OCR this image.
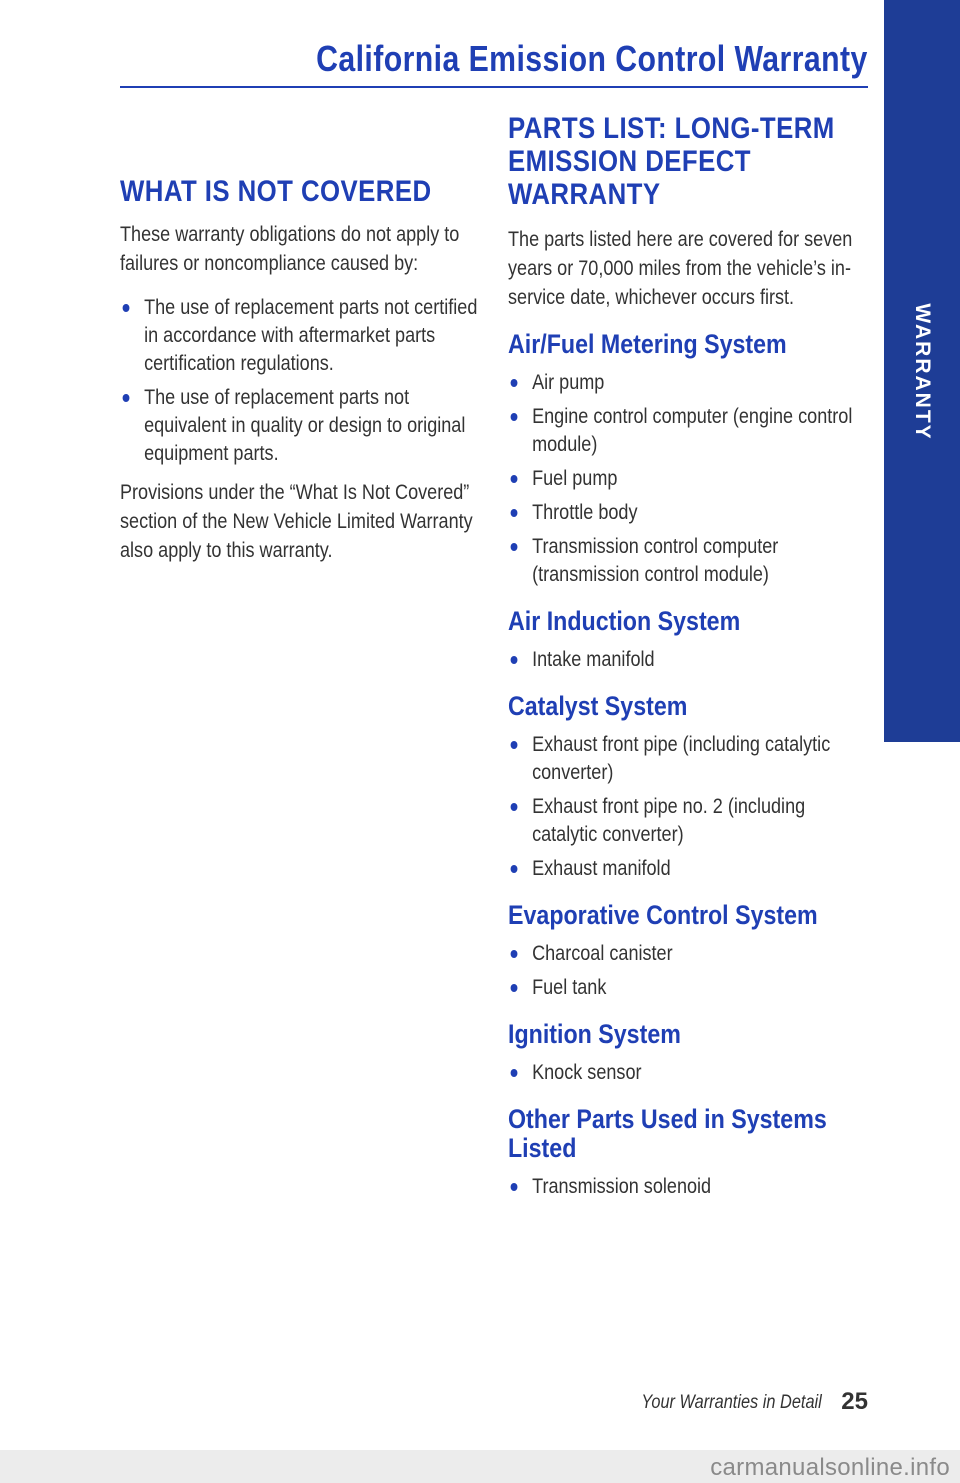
California Emission Control Warranty
WARRANTY
WHAT IS NOT COVERED

These warranty obligations do not apply to failures or noncompliance caused by:

The use of replacement parts not certified in accordance with aftermarket parts certification regulations.
The use of replacement parts not equivalent in quality or design to original equipment parts.

Provisions under the “What Is Not Covered” section of the New Vehicle Limited Warranty also apply to this warranty.

PARTS LIST: LONG-TERM EMISSION DEFECT WARRANTY

The parts listed here are covered for seven years or 70,000 miles from the vehicle’s in-service date, whichever occurs first.

Air/Fuel Metering System
Air pump
Engine control computer (engine control module)
Fuel pump
Throttle body
Transmission control computer (transmission control module)
Air Induction System
Intake manifold
Catalyst System
Exhaust front pipe (including catalytic converter)
Exhaust front pipe no. 2 (including catalytic converter)
Exhaust manifold
Evaporative Control System
Charcoal canister
Fuel tank
Ignition System
Knock sensor
Other Parts Used in Systems Listed
Transmission solenoid
Your Warranties in Detail 25
carmanualsonline.info
